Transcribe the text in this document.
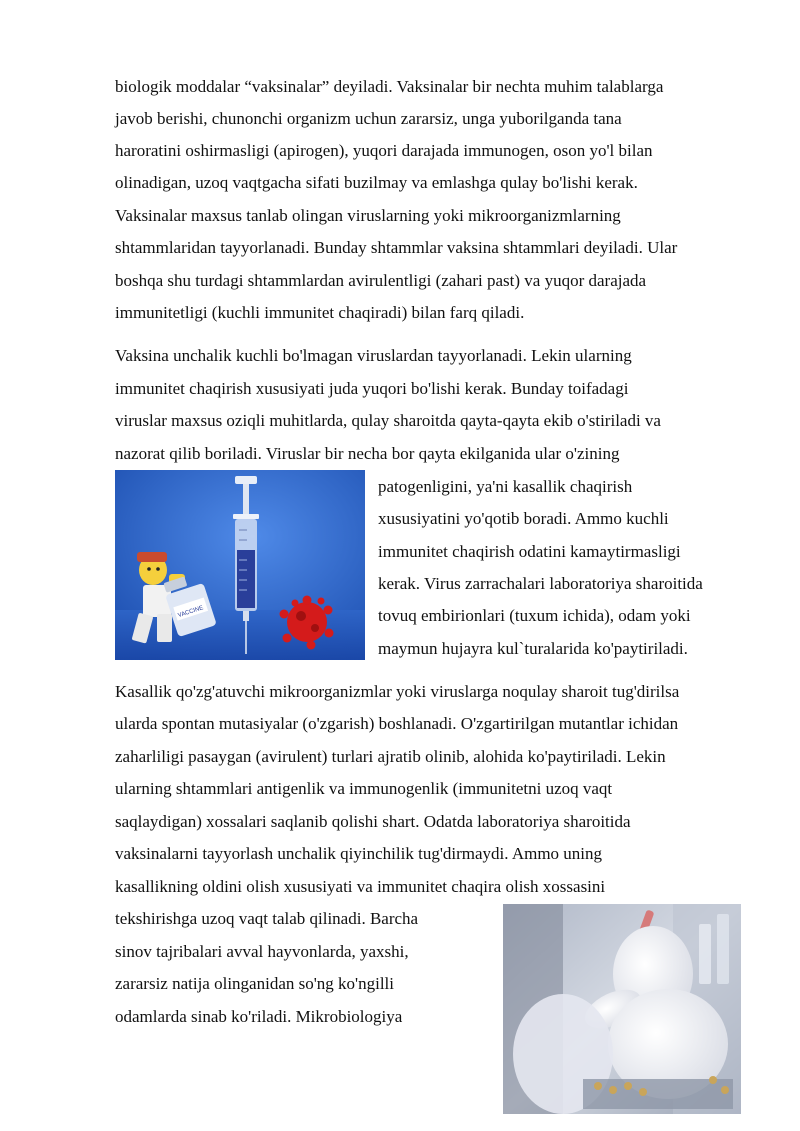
biologik moddalar “vaksinalar” deyiladi. Vaksinalar bir nechta muhim talablarga

javob berishi, chunonchi organizm uchun zararsiz, unga yuborilganda tana

haroratini oshirmasligi (apirogen), yuqori darajada immunogen, oson yo'l bilan

olinadigan, uzoq vaqtgacha sifati buzilmay va emlashga qulay bo'lishi kerak.

Vaksinalar maxsus tanlab olingan viruslarning yoki mikroorganizmlarning

shtammlaridan tayyorlanadi. Bunday shtammlar vaksina shtammlari deyiladi. Ular

boshqa shu turdagi shtammlardan avirulentligi (zahari past) va yuqor darajada

immunitetligi (kuchli immunitet chaqiradi) bilan farq qiladi.

Vaksina unchalik kuchli bo'lmagan viruslardan tayyorlanadi. Lekin ularning

immunitet chaqirish xususiyati juda yuqori bo'lishi kerak. Bunday toifadagi

viruslar maxsus oziqli muhitlarda, qulay sharoitda qayta-qayta ekib o'stiriladi va

nazorat qilib boriladi. Viruslar bir necha bor qayta ekilganida ular o'zining

patogenligini, ya'ni kasallik chaqirish

xususiyatini yo'qotib boradi. Ammo kuchli

immunitet chaqirish odatini kamaytirmasligi

kerak. Virus zarrachalari laboratoriya sharoitida

tovuq embirionlari (tuxum ichida), odam yoki

maymun hujayra kul`turalarida ko'paytiriladi.

VACCINE

Kasallik qo'zg'atuvchi mikroorganizmlar yoki viruslarga noqulay sharoit tug'dirilsa

ularda spontan mutasiyalar (o'zgarish) boshlanadi. O'zgartirilgan mutantlar ichidan

zaharliligi pasaygan (avirulent) turlari ajratib olinib, alohida ko'paytiriladi. Lekin

ularning shtammlari antigenlik va immunogenlik (immunitetni uzoq vaqt

saqlaydigan) xossalari saqlanib qolishi shart. Odatda laboratoriya sharoitida

vaksinalarni tayyorlash unchalik qiyinchilik tug'dirmaydi. Ammo uning

kasallikning oldini olish xususiyati va immunitet chaqira olish xossasini

tekshirishga uzoq vaqt talab qilinadi. Barcha

sinov tajribalari avval hayvonlarda, yaxshi,

zararsiz natija olinganidan so'ng ko'ngilli

odamlarda sinab ko'riladi. Mikrobiologiya
